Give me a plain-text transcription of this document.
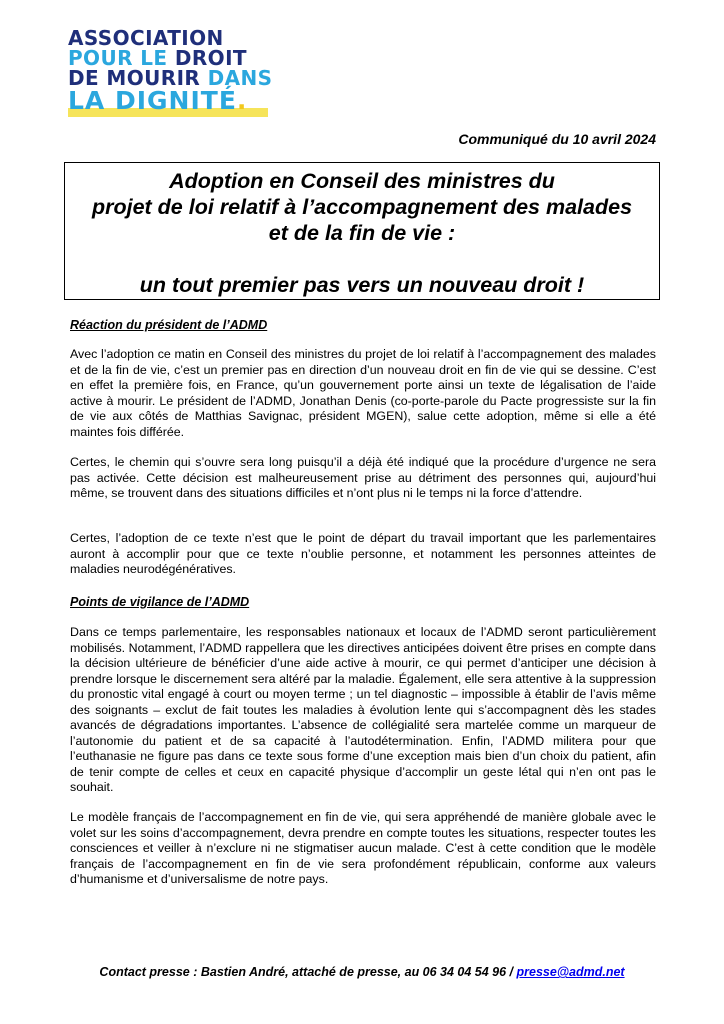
ASSOCIATION
POUR LE DROIT
DE MOURIR DANS
LA DIGNITÉ.
Communiqué du 10 avril 2024
Adoption en Conseil des ministres du
projet de loi relatif à l’accompagnement des malades
et de la fin de vie :
un tout premier pas vers un nouveau droit !
Réaction du président de l’ADMD

Avec l’adoption ce matin en Conseil des ministres du projet de loi relatif à l’accompagnement des malades et de la fin de vie, c’est un premier pas en direction d’un nouveau droit en fin de vie qui se dessine. C’est en effet la première fois, en France, qu’un gouvernement porte ainsi un texte de légalisation de l’aide active à mourir. Le président de l’ADMD, Jonathan Denis (co-porte-parole du Pacte progressiste sur la fin de vie aux côtés de Matthias Savignac, président MGEN), salue cette adoption, même si elle a été maintes fois différée.

Certes, le chemin qui s’ouvre sera long puisqu’il a déjà été indiqué que la procédure d’urgence ne sera pas activée. Cette décision est malheureusement prise au détriment des personnes qui, aujourd’hui même, se trouvent dans des situations difficiles et n’ont plus ni le temps ni la force d’attendre.

Certes, l’adoption de ce texte n’est que le point de départ du travail important que les parlementaires auront à accomplir pour que ce texte n’oublie personne, et notamment les personnes atteintes de maladies neurodégénératives.

Points de vigilance de l’ADMD

Dans ce temps parlementaire, les responsables nationaux et locaux de l’ADMD seront particulièrement mobilisés. Notamment, l’ADMD rappellera que les directives anticipées doivent être prises en compte dans la décision ultérieure de bénéficier d’une aide active à mourir, ce qui permet d’anticiper une décision à prendre lorsque le discernement sera altéré par la maladie. Également, elle sera attentive à la suppression du pronostic vital engagé à court ou moyen terme ; un tel diagnostic – impossible à établir de l’avis même des soignants – exclut de fait toutes les maladies à évolution lente qui s’accompagnent dès les stades avancés de dégradations importantes. L’absence de collégialité sera martelée comme un marqueur de l’autonomie du patient et de sa capacité à l’autodétermination. Enfin, l’ADMD militera pour que l’euthanasie ne figure pas dans ce texte sous forme d’une exception mais bien d’un choix du patient, afin de tenir compte de celles et ceux en capacité physique d’accomplir un geste létal qui n’en ont pas le souhait.

Le modèle français de l’accompagnement en fin de vie, qui sera appréhendé de manière globale avec le volet sur les soins d’accompagnement, devra prendre en compte toutes les situations, respecter toutes les consciences et veiller à n’exclure ni ne stigmatiser aucun malade. C’est à cette condition que le modèle français de l’accompagnement en fin de vie sera profondément républicain, conforme aux valeurs d’humanisme et d’universalisme de notre pays.

Contact presse : Bastien André, attaché de presse, au 06 34 04 54 96 / presse@admd.net
